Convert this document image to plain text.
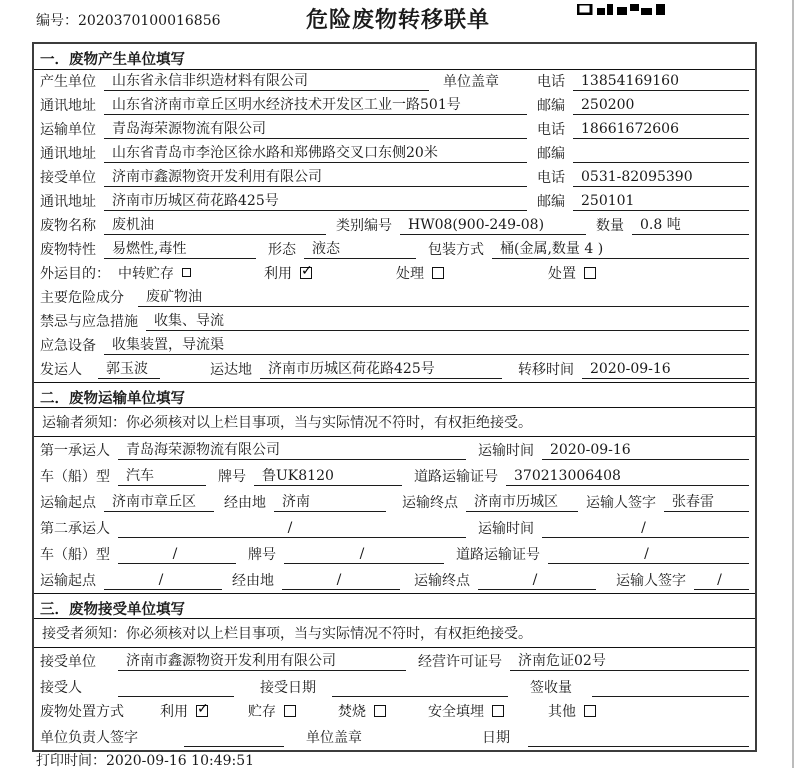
编号：2020370100016856	危险废物转移联单
一．废物产生单位填写
产生单位	山东省永信非织造材料有限公司	单位盖章	电话	13854169160
通讯地址	山东省济南市章丘区明水经济技术开发区工业一路501号	邮编	250200
运输单位	青岛海荣源物流有限公司	电话	18661672606
通讯地址	山东省青岛市李沧区徐水路和郑佛路交叉口东侧20米	邮编
接受单位	济南市鑫源物资开发利用有限公司	电话	0531-82095390
通讯地址	济南市历城区荷花路425号	邮编	250101
废物名称	废机油	类别编号	HW08(900-249-08)	数量	0.8 吨
废物特性	易燃性,毒性	形态	液态	包装方式	桶(金属,数量 4 )
外运目的： 中转贮存	利用 ✓	处理	处置
主要危险成分	废矿物油
禁忌与应急措施	收集、导流
应急设备	收集装置，导流渠
发运人	郭玉波	运达地	济南市历城区荷花路425号	转移时间	2020-09-16
二．废物运输单位填写
运输者须知：你必须核对以上栏目事项，当与实际情况不符时，有权拒绝接受。
第一承运人	青岛海荣源物流有限公司	运输时间	2020-09-16
车（船）型	汽车	牌号	鲁UK8120	道路运输证号	370213006408
运输起点	济南市章丘区	经由地	济南	运输终点	济南市历城区	运输人签字	张春雷
第二承运人	/	运输时间	/
车（船）型	/	牌号	/	道路运输证号	/
运输起点	/	经由地	/	运输终点	/	运输人签字	/
三．废物接受单位填写
接受者须知：你必须核对以上栏目事项，当与实际情况不符时，有权拒绝接受。
接受单位	济南市鑫源物资开发利用有限公司	经营许可证号	济南危证02号
接受人	接受日期	签收量
废物处置方式	利用 ✓	贮存	焚烧	安全填埋	其他
单位负责人签字	单位盖章	日期
打印时间：2020-09-16 10:49:51
